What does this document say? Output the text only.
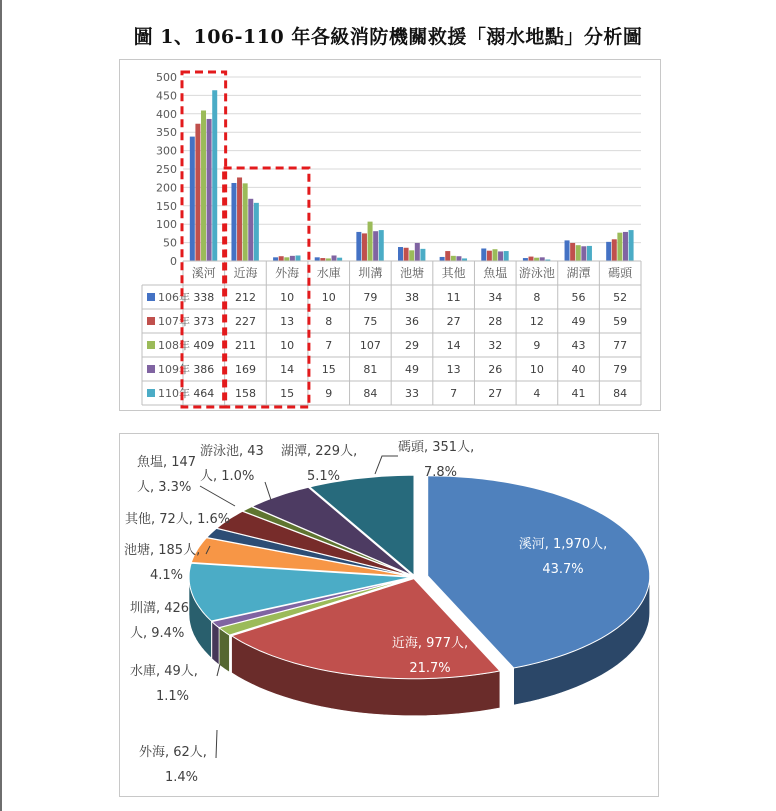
圖 1、106-110 年各級消防機關救援「溺水地點」分析圖
500
450
400
350
300
250
200
150
100
50
0
溪河 近海 外海 水庫 圳溝 池塘 其他 魚塭 游泳池 湖潭 碼頭
106年 338 212 10	10	79	38	11	34	8	56	52
107年 373 227 13	8	75	36	27	28	12	49	59
108年 409 211 10	7	107 29	14	32	9	43	77
109年 386 169 14	15	81	49	13	26	10	40	79
110年 464 158 15	9	84	33	7	27	4	41	84
溪河, 1,970人,
43.7%
近海, 977人,
21.7%
外海, 62人,
1.4%
水庫, 49人,
1.1%
圳溝, 426
人, 9.4%
池塘, 185人,
4.1%
其他, 72人, 1.6%
魚塭, 147
人, 3.3%
游泳池, 43
人, 1.0%
湖潭, 229人,
5.1%
碼頭, 351人,
7.8%
